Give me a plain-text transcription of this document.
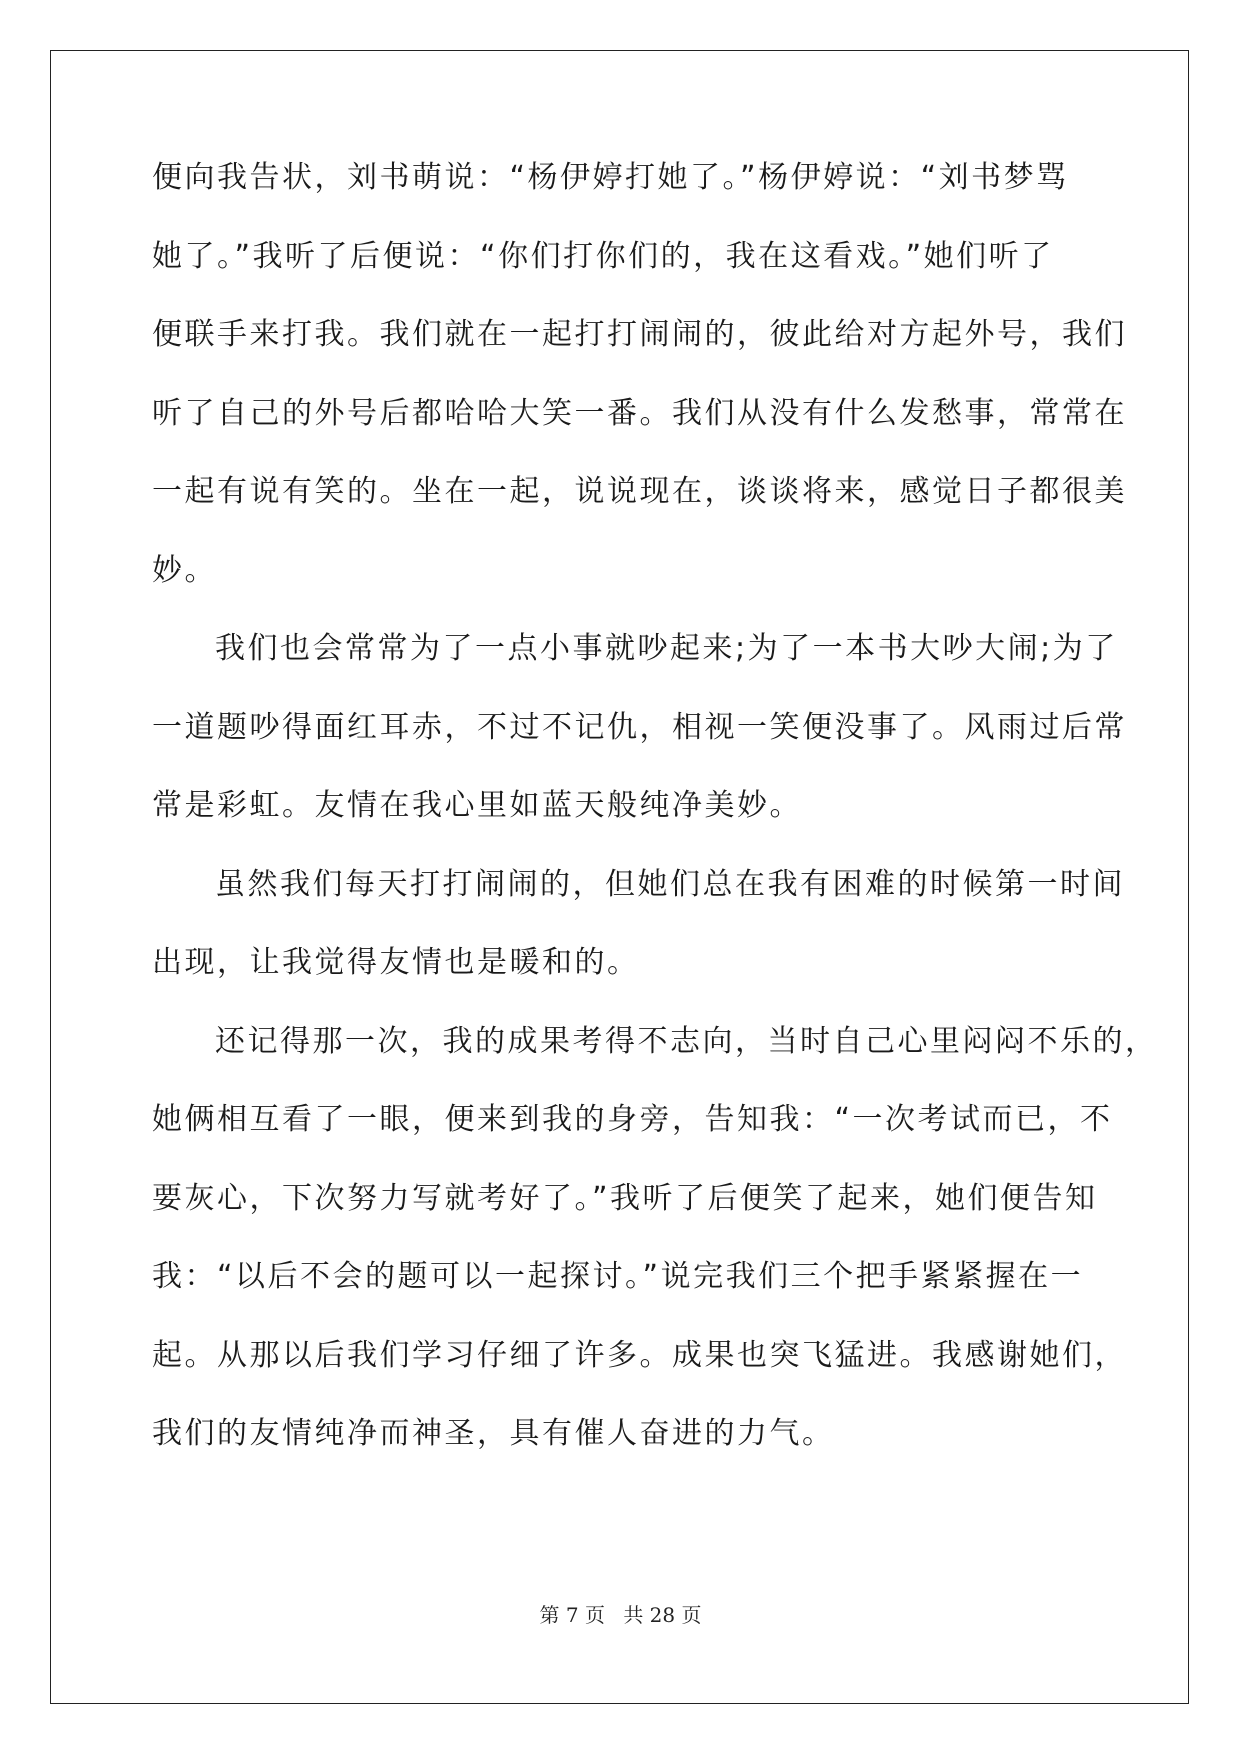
便向我告状，刘书萌说：“杨伊婷打她了。”杨伊婷说：“刘书梦骂
她了。”我听了后便说：“你们打你们的，我在这看戏。”她们听了
便联手来打我。我们就在一起打打闹闹的，彼此给对方起外号，我们
听了自己的外号后都哈哈大笑一番。我们从没有什么发愁事，常常在
一起有说有笑的。坐在一起，说说现在，谈谈将来，感觉日子都很美
妙。
我们也会常常为了一点小事就吵起来;为了一本书大吵大闹;为了
一道题吵得面红耳赤，不过不记仇，相视一笑便没事了。风雨过后常
常是彩虹。友情在我心里如蓝天般纯净美妙。
虽然我们每天打打闹闹的，但她们总在我有困难的时候第一时间
出现，让我觉得友情也是暖和的。
还记得那一次，我的成果考得不志向，当时自己心里闷闷不乐的，
她俩相互看了一眼，便来到我的身旁，告知我：“一次考试而已，不
要灰心，下次努力写就考好了。”我听了后便笑了起来，她们便告知
我：“以后不会的题可以一起探讨。”说完我们三个把手紧紧握在一
起。从那以后我们学习仔细了许多。成果也突飞猛进。我感谢她们，
我们的友情纯净而神圣，具有催人奋进的力气。
第 7 页 共 28 页
